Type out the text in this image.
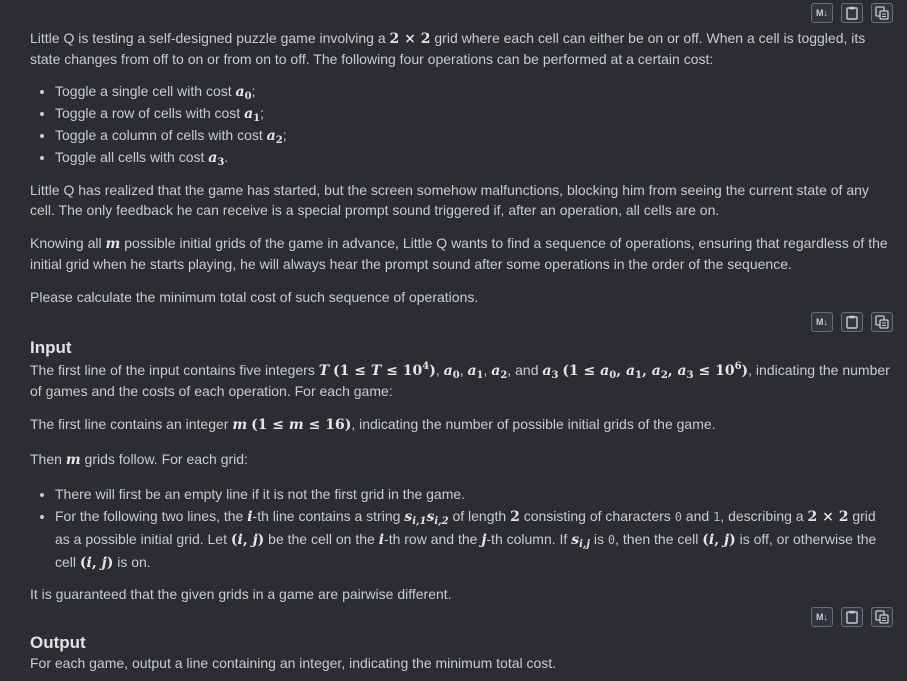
M↓

Little Q is testing a self-designed puzzle game involving a 2 × 2 grid where each cell can either be on or off. When a cell is toggled, its state changes from off to on or from on to off. The following four operations can be performed at a certain cost:

• Toggle a single cell with cost $a_0$;
• Toggle a row of cells with cost $a_1$;
• Toggle a column of cells with cost $a_2$;
• Toggle all cells with cost $a_3$.

Little Q has realized that the game has started, but the screen somehow malfunctions, blocking him from seeing the current state of any cell. The only feedback he can receive is a special prompt sound triggered if, after an operation, all cells are on.

Knowing all m possible initial grids of the game in advance, Little Q wants to find a sequence of operations, ensuring that regardless of the initial grid when he starts playing, he will always hear the prompt sound after some operations in the order of the sequence.

Please calculate the minimum total cost of such sequence of operations.

M↓
Input

The first line of the input contains five integers T $(1 \le T \le 10^4)$, $a_0$, $a_1$, $a_2$, and $a_3$ ($1 \le a_0$, $a_1$, $a_2$, $a_3 \le 10^6$), indicating the number of games and the costs of each operation. For each game:

The first line contains an integer m (1 ≤ m ≤ 16), indicating the number of possible initial grids of the game.

Then m grids follow. For each grid:

• There will first be an empty line if it is not the first grid in the game.
• For the following two lines, the i-th line contains a string $s_{i,1}s_{i,2}$ of length 2 consisting of characters 0 and 1, describing a 2 × 2 grid as a possible initial grid. Let (i, j) be the cell on the i-th row and the j-th column. If $s_{i,j}$ is 0, then the cell (i, j) is off, or otherwise the cell (i, j) is on.

It is guaranteed that the given grids in a game are pairwise different.

M↓
Output

For each game, output a line containing an integer, indicating the minimum total cost.
